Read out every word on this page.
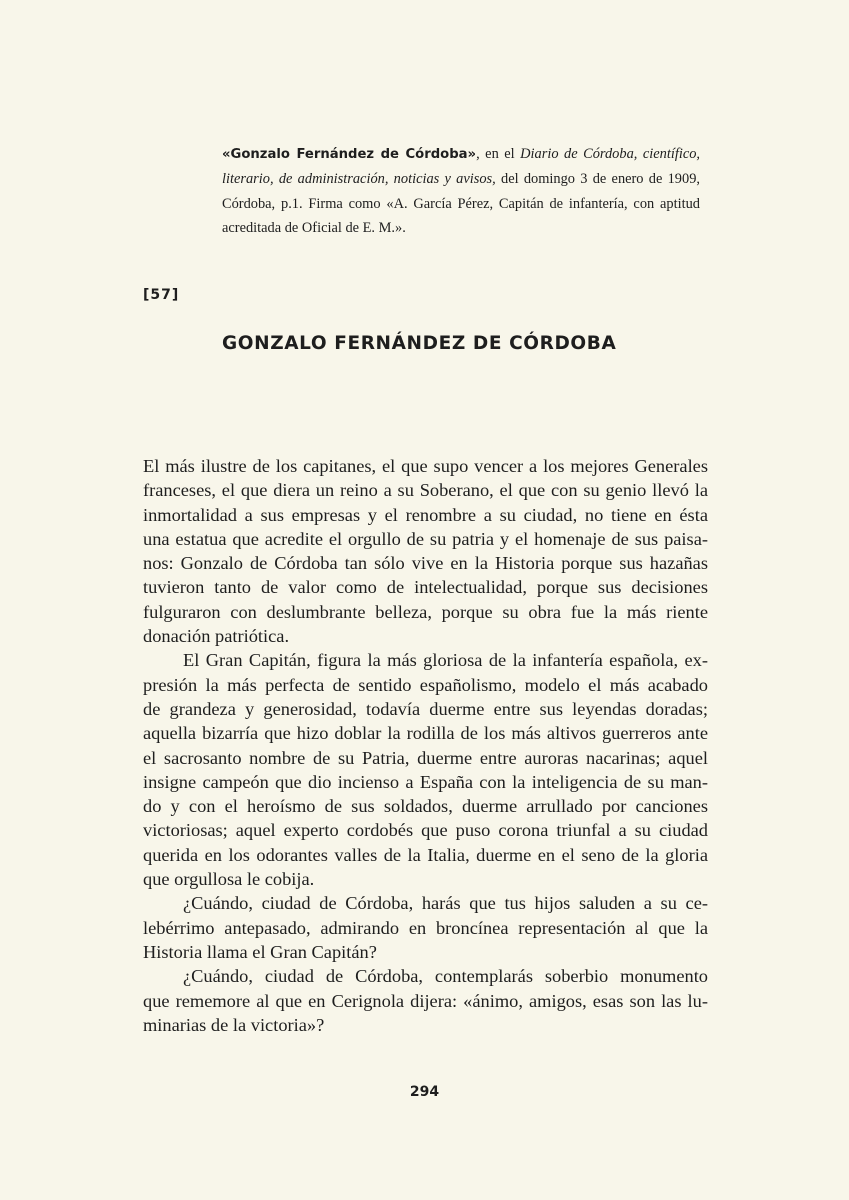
«Gonzalo Fernández de Córdoba», en el Diario de Córdoba, científico, literario, de administración, noticias y avisos, del domingo 3 de enero de 1909, Córdoba, p.1. Firma como «A. García Pérez, Capitán de infantería, con aptitud acreditada de Oficial de E. M.».
[57]
GONZALO FERNÁNDEZ DE CÓRDOBA
El más ilustre de los capitanes, el que supo vencer a los mejores Generales
franceses, el que diera un reino a su Soberano, el que con su genio llevó la
inmortalidad a sus empresas y el renombre a su ciudad, no tiene en ésta
una estatua que acredite el orgullo de su patria y el homenaje de sus paisa-
nos: Gonzalo de Córdoba tan sólo vive en la Historia porque sus hazañas
tuvieron tanto de valor como de intelectualidad, porque sus decisiones
fulguraron con deslumbrante belleza, porque su obra fue la más riente
donación patriótica.
El Gran Capitán, figura la más gloriosa de la infantería española, ex-
presión la más perfecta de sentido españolismo, modelo el más acabado
de grandeza y generosidad, todavía duerme entre sus leyendas doradas;
aquella bizarría que hizo doblar la rodilla de los más altivos guerreros ante
el sacrosanto nombre de su Patria, duerme entre auroras nacarinas; aquel
insigne campeón que dio incienso a España con la inteligencia de su man-
do y con el heroísmo de sus soldados, duerme arrullado por canciones
victoriosas; aquel experto cordobés que puso corona triunfal a su ciudad
querida en los odorantes valles de la Italia, duerme en el seno de la gloria
que orgullosa le cobija.
¿Cuándo, ciudad de Córdoba, harás que tus hijos saluden a su ce-
lebérrimo antepasado, admirando en broncínea representación al que la
Historia llama el Gran Capitán?
¿Cuándo, ciudad de Córdoba, contemplarás soberbio monumento
que rememore al que en Cerignola dijera: «ánimo, amigos, esas son las lu-
minarias de la victoria»?
294
